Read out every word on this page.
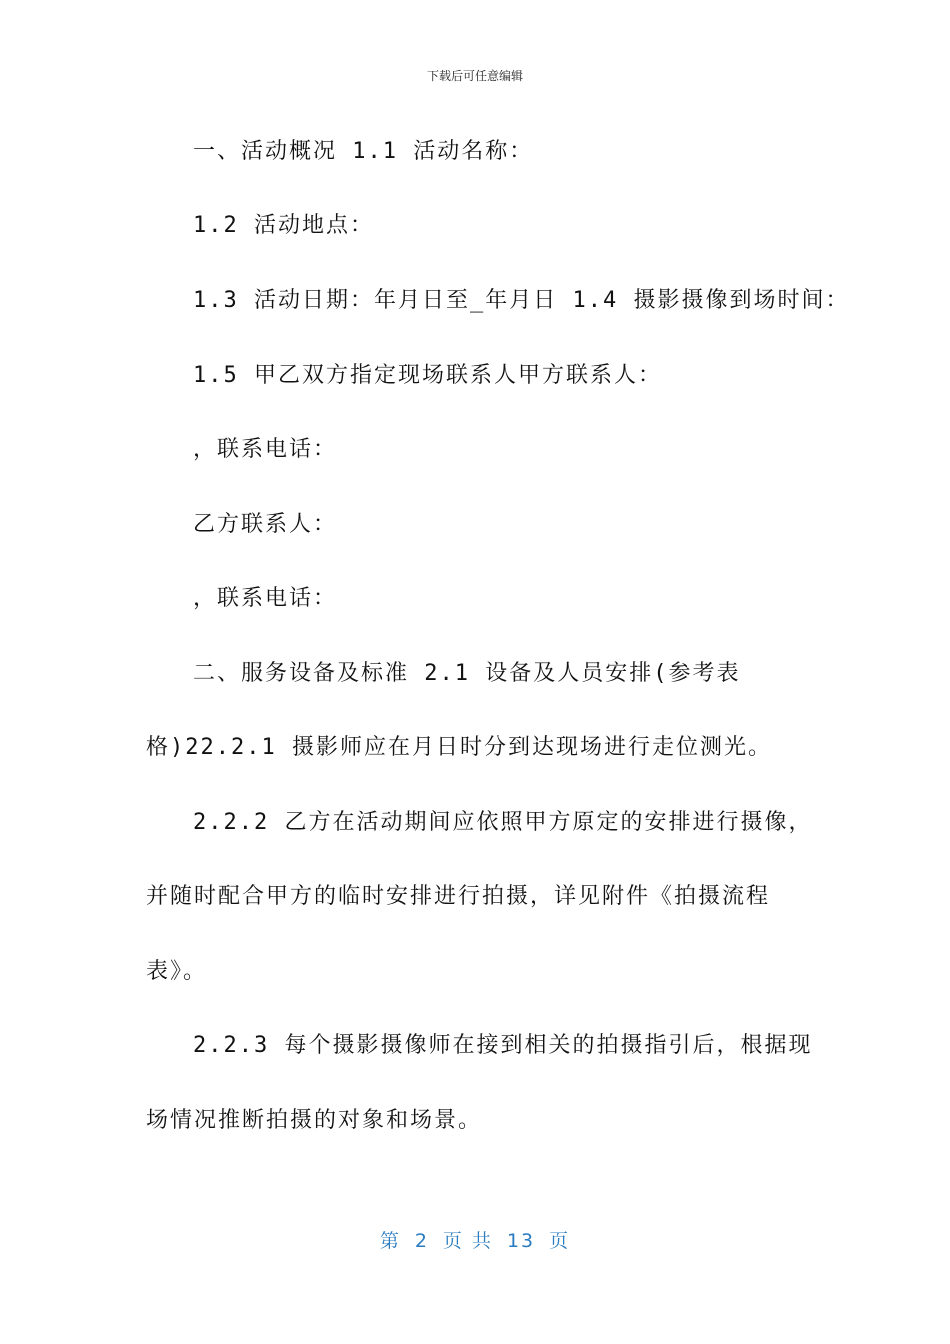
下载后可任意编辑
一、活动概况 1.1 活动名称：
1.2 活动地点：
1.3 活动日期：年月日至_年月日 1.4 摄影摄像到场时间：
1.5 甲乙双方指定现场联系人甲方联系人：
，联系电话：
乙方联系人：
，联系电话：
二、服务设备及标准 2.1 设备及人员安排(参考表
格)22.2.1 摄影师应在月日时分到达现场进行走位测光。
2.2.2 乙方在活动期间应依照甲方原定的安排进行摄像，
并随时配合甲方的临时安排进行拍摄，详见附件《拍摄流程
表》。
2.2.3 每个摄影摄像师在接到相关的拍摄指引后，根据现
场情况推断拍摄的对象和场景。
第 2 页 共 13 页
